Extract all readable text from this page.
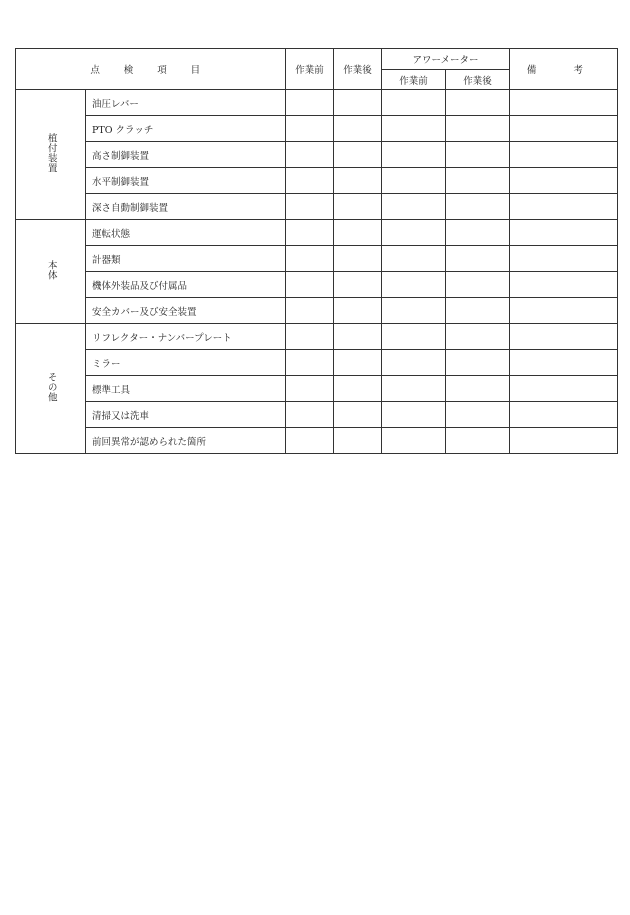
点 検 項 目		作業前	作業後	アワーメーター		備 考
				作業前	作業後	
植付装置	油圧レバー					
	PTO クラッチ					
	高さ制御装置					
	水平制御装置					
	深さ自動制御装置					
本体	運転状態					
	計器類					
	機体外装品及び付属品					
	安全カバー及び安全装置					
その他	リフレクター・ナンバープレート					
	ミラー					
	標準工具					
	清掃又は洗車					
	前回異常が認められた箇所					
